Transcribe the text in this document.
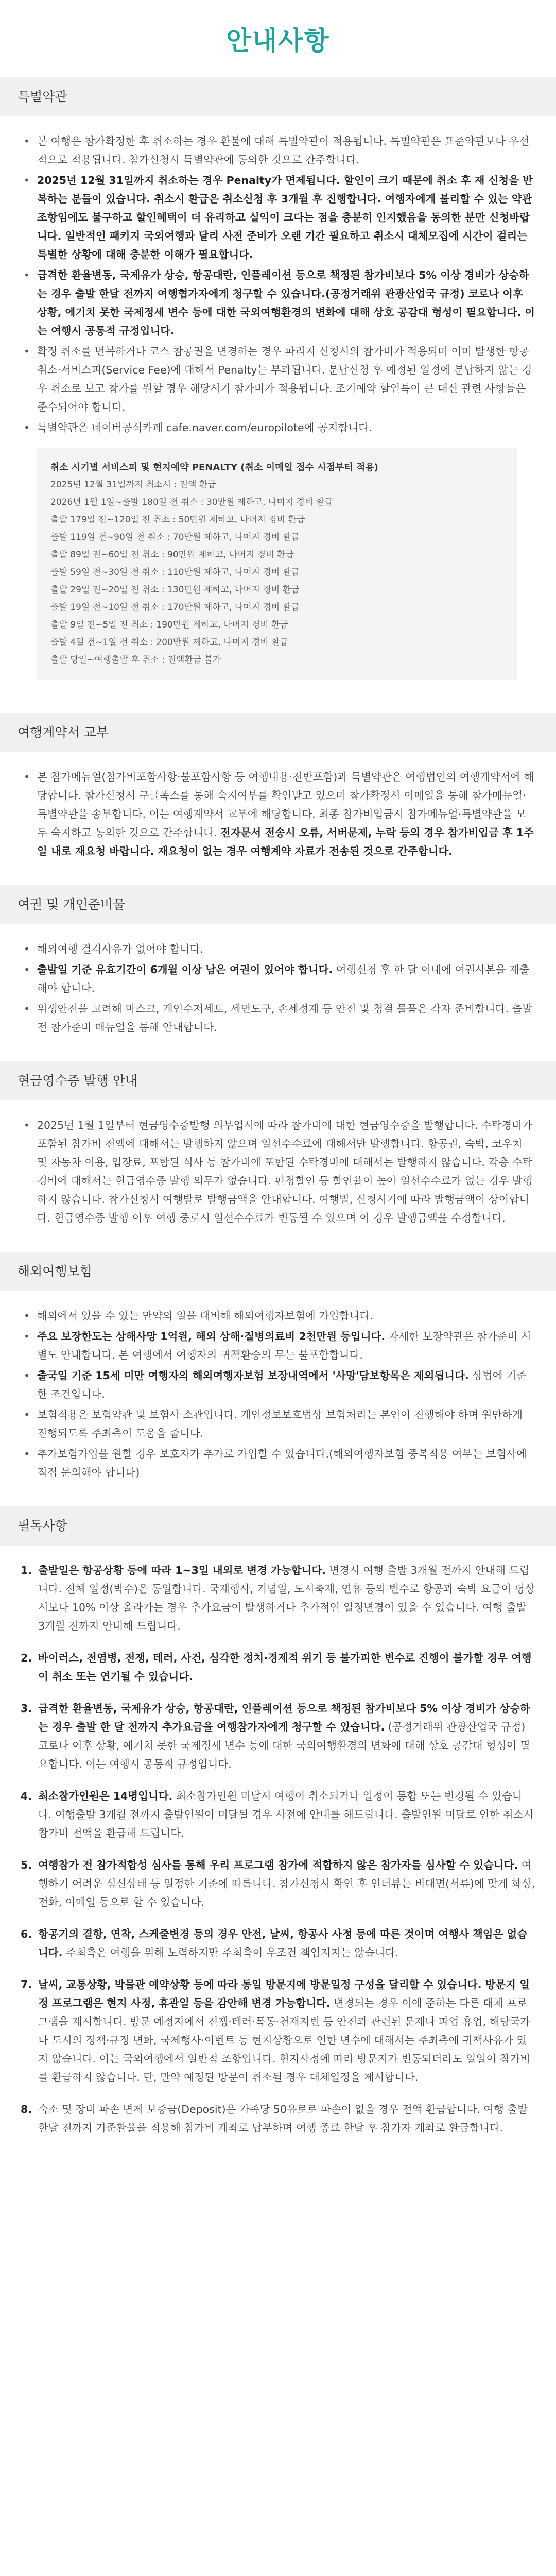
안내사항
특별약관
• 본 여행은 참가확정한 후 취소하는 경우 환불에 대해 특별약관이 적용됩니다. 특별약관은 표준약관보다 우선적으로 적용됩니다. 참가신청시 특별약관에 동의한 것으로 간주합니다.
• 2025년 12월 31일까지 취소하는 경우 Penalty가 면제됩니다. 할인이 크기 때문에 취소 후 재 신청을 반복하는 분들이 있습니다. 취소시 환급은 취소신청 후 3개월 후 진행합니다. 여행자에게 불리할 수 있는 약관 조항임에도 불구하고 할인혜택이 더 유리하고 실익이 크다는 점을 충분히 인지했음을 동의한 분만 신청바랍니다. 일반적인 패키지 국외여행과 달리 사전 준비가 오랜 기간 필요하고 취소시 대체모집에 시간이 걸리는 특별한 상황에 대해 충분한 이해가 필요합니다.
• 급격한 환율변동, 국제유가 상승, 항공대란, 인플레이션 등으로 책정된 참가비보다 5% 이상 경비가 상승하는 경우 출발 한달 전까지 여행협가자에게 청구할 수 있습니다.(공정거래위 관광산업국 규정) 코로나 이후 상황, 에기치 못한 국제정세 변수 등에 대한 국외여행환경의 변화에 대해 상호 공감대 형성이 필요합니다. 이는 여행시 공통적 규정입니다.
• 확정 취소를 번복하거나 코스 참공권을 변경하는 경우 파리지 신청시의 참가비가 적용되며 이미 발생한 항공취소·서비스피(Service Fee)에 대해서 Penalty는 부과됩니다. 분납신청 후 예정된 일정에 분납하지 않는 경우 취소로 보고 참가를 원할 경우 해당시기 참가비가 적용됩니다. 조기예약 할인특이 큰 대신 관련 사항들은 준수되어야 합니다.
• 특별약관은 네이버공식카페 cafe.naver.com/europilote에 공지합니다.
취소 시기별 서비스피 및 현지예약 PENALTY (취소 이메일 접수 시점부터 적용)
2025년 12월 31일까지 취소시 : 전액 환급
2026년 1월 1일~출발 180일 전 취소 : 30만원 제하고, 나머지 경비 환급
출발 179일 전~120일 전 취소 : 50만원 제하고, 나머지 경비 환급
출발 119일 전~90일 전 취소 : 70만원 제하고, 나머지 경비 환급
출발 89일 전~60일 전 취소 : 90만원 제하고, 나머지 경비 환급
출발 59일 전~30일 전 취소 : 110만원 제하고, 나머지 경비 환급
출발 29일 전~20일 전 취소 : 130만원 제하고, 나머지 경비 환급
출발 19일 전~10일 전 취소 : 170만원 제하고, 나머지 경비 환급
출발 9일 전~5일 전 취소 : 190만원 제하고, 나머지 경비 환급
출발 4일 전~1일 전 취소 : 200만원 제하고, 나머지 경비 환급
출발 당일~여행출발 후 취소 : 전액환급 불가
여행계약서 교부
• 본 참가메뉴얼(참가비포함사항·불포함사항 등 여행내용·전반포함)과 특별약관은 여행법인의 여행계약서에 해당합니다. 참가신청시 구글폭스를 통해 숙지여부를 확인받고 있으며 참가확정시 이메일을 통해 참가메뉴얼·특별약관을 송부합니다. 이는 여행계약서 교부에 해당합니다. 최종 참가비입금시 참가메뉴얼·특별약관을 모두 숙지하고 동의한 것으로 간주합니다. 전자문서 전송시 오류, 서버문제, 누락 등의 경우 참가비입금 후 1주일 내로 재요청 바랍니다. 재요청이 없는 경우 여행계약 자료가 전송된 것으로 간주합니다.
여권 및 개인준비물
• 해외여행 결격사유가 없어야 합니다.
• 출발일 기준 유효기간이 6개월 이상 남은 여권이 있어야 합니다. 여행신청 후 한 달 이내에 여권사본을 제출해야 합니다.
• 위생안전을 고려해 마스크, 개인수저세트, 세면도구, 손세정제 등 안전 및 청결 물품은 각자 준비합니다. 출발 전 참가준비 매뉴얼을 통해 안내합니다.
현금영수증 발행 안내
• 2025년 1월 1일부터 현금영수증발행 의무업시에 따라 참가비에 대한 현금영수증을 발행합니다. 수탁경비가 포함된 참가비 전액에 대해서는 발행하지 않으며 일선수수료에 대해서만 발행합니다. 항공권, 숙박, 코우치 및 자동차 이용, 입장료, 포함된 식사 등 참가비에 포함된 수탁경비에 대해서는 발행하지 않습니다. 각층 수탁경비에 대해서는 현금영수증 발행 의무가 없습니다. 편청할인 등 할인율이 높아 일선수수료가 없는 경우 발행하지 않습니다. 참가신청시 여행발로 발행금액을 안내합니다. 여행별, 신청시기에 따라 발행금액이 상이합니다. 현금영수증 발행 이후 여행 중로시 일선수수료가 변동될 수 있으며 이 경우 발행금액을 수정합니다.
해외여행보험
• 해외에서 있을 수 있는 만약의 일을 대비해 해외여행자보험에 가입합니다.
• 주요 보장한도는 상해사망 1억원, 해외 상해·질병의료비 2천만원 등입니다. 자세한 보장약관은 참가준비 시 별도 안내합니다. 본 여행에서 여행자의 귀책환승의 무는 불포함합니다.
• 출국일 기준 15세 미만 여행자의 해외여행자보험 보장내역에서 '사망'담보항목은 제외됩니다. 상법에 기준한 조건입니다.
• 보험적용은 보험약관 및 보험사 소관입니다. 개인정보보호법상 보험처리는 본인이 진행해야 하며 원만하게 진행되도록 주최측이 도움을 줍니다.
• 추가보험가입을 원할 경우 보호자가 추가로 가입할 수 있습니다.(해외여행자보험 중복적용 여부는 보험사에 직접 문의해야 합니다)
필독사항
1. 출발일은 항공상황 등에 따라 1~3일 내외로 변경 가능합니다. 변경시 여행 출발 3개월 전까지 안내해 드립니다. 전체 일정(박수)은 동일합니다. 국제행사, 기념일, 도시축제, 연휴 등의 변수로 항공과 숙박 요금이 평상시보다 10% 이상 올라가는 경우 추가요금이 발생하거나 추가적인 일정변경이 있을 수 있습니다. 여행 출발 3개월 전까지 안내해 드립니다.
2. 바이러스, 전염병, 전쟁, 테러, 사건, 심각한 정치·경제적 위기 등 불가피한 변수로 진행이 불가할 경우 여행이 취소 또는 연기될 수 있습니다.
3. 급격한 환율변동, 국제유가 상승, 항공대란, 인플레이션 등으로 책정된 참가비보다 5% 이상 경비가 상승하는 경우 출발 한 달 전까지 추가요금을 여행참가자에게 청구할 수 있습니다. (공정거래위 관광산업국 규정) 코로나 이후 상황, 예기치 못한 국제정세 변수 등에 대한 국외여행환경의 변화에 대해 상호 공감대 형성이 필요합니다. 이는 여행시 공통적 규정입니다.
4. 최소참가인원은 14명입니다. 최소참가인원 미달시 여행이 취소되거나 일정이 통합 또는 변경될 수 있습니다. 여행출발 3개월 전까지 출발인원이 미달될 경우 사전에 안내를 해드립니다. 출발인원 미달로 인한 취소시 참가비 전액을 환급해 드립니다.
5. 여행참가 전 참가적합성 심사를 통해 우리 프로그램 참가에 적합하지 않은 참가자를 심사할 수 있습니다. 여행하기 어려운 심신상태 등 일정한 기준에 따릅니다. 참가신청시 확인 후 인터뷰는 비대면(서류)에 맞게 화상, 전화, 이메일 등으로 할 수 있습니다.
6. 항공기의 결항, 연착, 스케줄변경 등의 경우 안전, 날씨, 항공사 사정 등에 따른 것이며 여행사 책임은 없습니다. 주최측은 여행을 위해 노력하지만 주최측이 우조건 책임지지는 않습니다.
7. 날씨, 교통상황, 박물관 예약상황 등에 따라 동일 방문지에 방문일정 구성을 달리할 수 있습니다. 방문지 일정 프로그램은 현지 사정, 휴관일 등을 감안해 변경 가능합니다. 변경되는 경우 이에 준하는 다른 대체 프로그램을 제시합니다. 방문 예정지에서 전쟁·테러·폭동·천재지변 등 안전과 관련된 문제나 파업 휴업, 해당국가나 도시의 정책·규정 변화, 국제행사·이벤트 등 현지상황으로 인한 변수에 대해서는 주최측에 귀책사유가 있지 않습니다. 이는 국외여행에서 일반적 조항입니다. 현지사정에 따라 방문지가 변동되더라도 일일이 참가비를 환급하지 않습니다. 단, 만약 예정된 방문이 취소될 경우 대체일정을 제시합니다.
8. 숙소 및 장비 파손 변제 보증금(Deposit)은 가족당 50유로로 파손이 없을 경우 전액 환급합니다. 여행 출발 한달 전까지 기준환율을 적용해 참가비 계좌로 납부하며 여행 종료 한달 후 참가자 계좌로 환급합니다.
